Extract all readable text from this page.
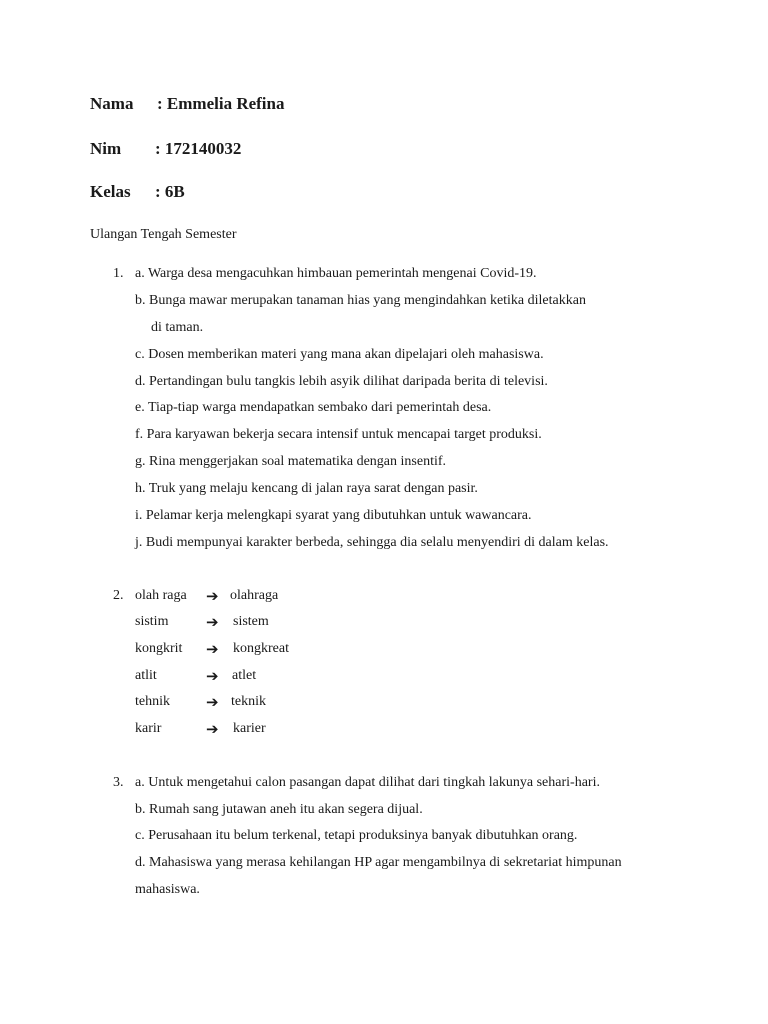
Nama : Emmelia Refina
Nim : 172140032
Kelas : 6B
Ulangan Tengah Semester
1. a. Warga desa mengacuhkan himbauan pemerintah mengenai Covid-19.
b. Bunga mawar merupakan tanaman hias yang mengindahkan ketika diletakkan
di taman.
c. Dosen memberikan materi yang mana akan dipelajari oleh mahasiswa.
d. Pertandingan bulu tangkis lebih asyik dilihat daripada berita di televisi.
e. Tiap-tiap warga mendapatkan sembako dari pemerintah desa.
f. Para karyawan bekerja secara intensif untuk mencapai target produksi.
g. Rina menggerjakan soal matematika dengan insentif.
h. Truk yang melaju kencang di jalan raya sarat dengan pasir.
i. Pelamar kerja melengkapi syarat yang dibutuhkan untuk wawancara.
j. Budi mempunyai karakter berbeda, sehingga dia selalu menyendiri di dalam kelas.
2. olah raga ➔ olahraga
sistim	➔ sistem
kongkrit ➔ kongkreat
atlit	➔ atlet
tehnik ➔ teknik
karir	➔ karier
3. a. Untuk mengetahui calon pasangan dapat dilihat dari tingkah lakunya sehari-hari.
b. Rumah sang jutawan aneh itu akan segera dijual.
c. Perusahaan itu belum terkenal, tetapi produksinya banyak dibutuhkan orang.
d. Mahasiswa yang merasa kehilangan HP agar mengambilnya di sekretariat himpunan
mahasiswa.
